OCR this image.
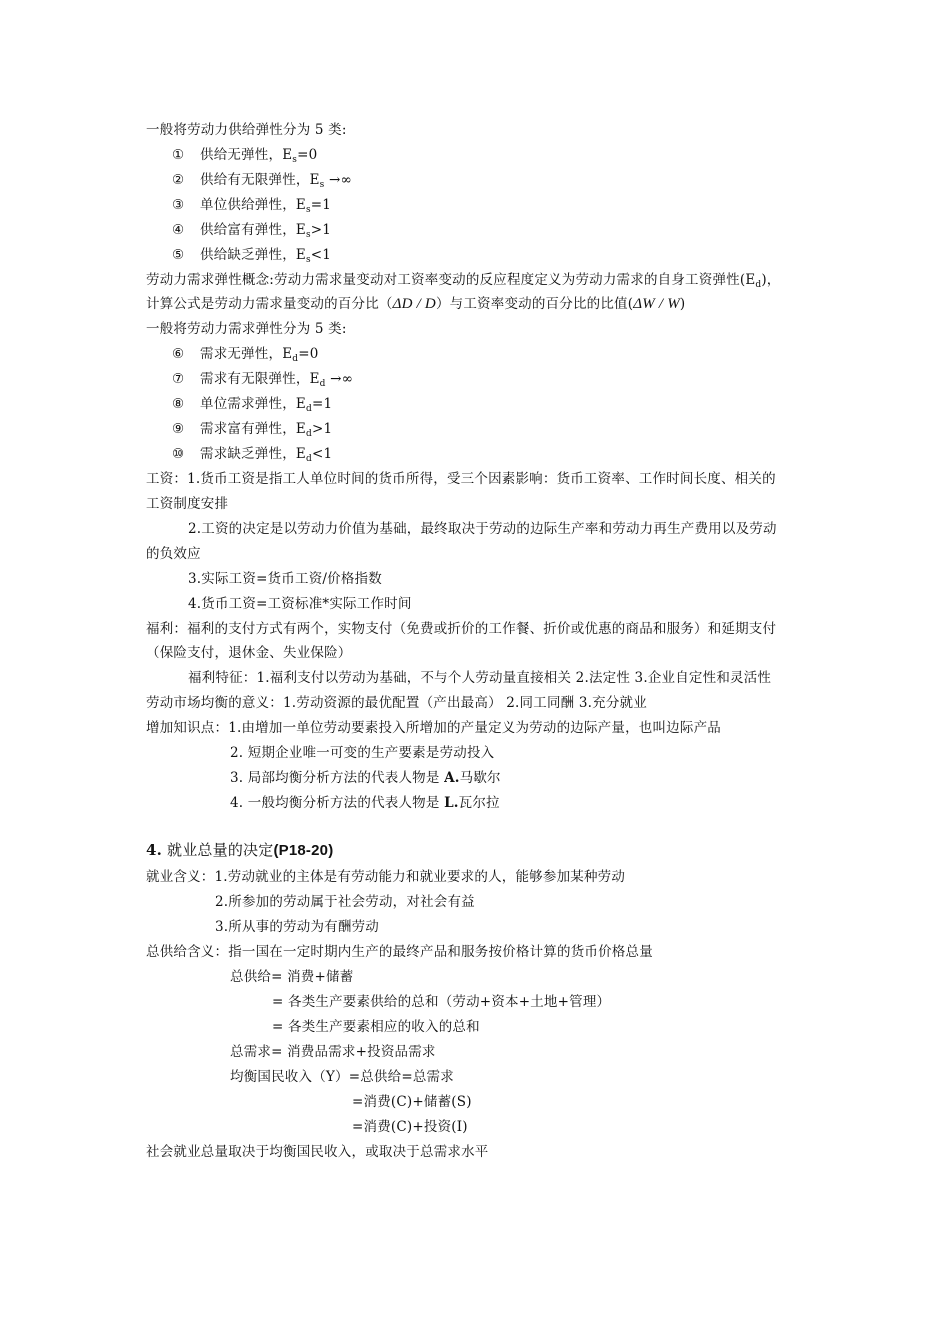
一般将劳动力供给弹性分为 5 类:
① 供给无弹性，$E_s=0$
② 供给有无限弹性，$E_s$ →∞
③ 单位供给弹性，$E_s=1$
④ 供给富有弹性，$E_s>1$
⑤ 供给缺乏弹性，$E_s<1$
劳动力需求弹性概念:劳动力需求量变动对工资率变动的反应程度定义为劳动力需求的自身工资弹性$(E_d)$，
计算公式是劳动力需求量变动的百分比（ΔD / D）与工资率变动的百分比的比值(ΔW / W)
一般将劳动力需求弹性分为 5 类:
⑥ 需求无弹性，$E_d=0$
⑦ 需求有无限弹性，$E_d$ →∞
⑧ 单位需求弹性，$E_d=1$
⑨ 需求富有弹性，$E_d>1$
⑩ 需求缺乏弹性，$E_d<1$
工资：1.货币工资是指工人单位时间的货币所得，受三个因素影响：货币工资率、工作时间长度、相关的
工资制度安排
2.工资的决定是以劳动力价值为基础，最终取决于劳动的边际生产率和劳动力再生产费用以及劳动
的负效应
3.实际工资=货币工资/价格指数
4.货币工资=工资标准*实际工作时间
福利：福利的支付方式有两个，实物支付（免费或折价的工作餐、折价或优惠的商品和服务）和延期支付
（保险支付，退休金、失业保险）
福利特征：1.福利支付以劳动为基础，不与个人劳动量直接相关 2.法定性 3.企业自定性和灵活性
劳动市场均衡的意义：1.劳动资源的最优配置（产出最高） 2.同工同酬 3.充分就业
增加知识点：1.由增加一单位劳动要素投入所增加的产量定义为劳动的边际产量，也叫边际产品
2. 短期企业唯一可变的生产要素是劳动投入
3. 局部均衡分析方法的代表人物是 A.马歇尔
4. 一般均衡分析方法的代表人物是 L.瓦尔拉
4. 就业总量的决定(P18-20)
就业含义：1.劳动就业的主体是有劳动能力和就业要求的人，能够参加某种劳动
2.所参加的劳动属于社会劳动，对社会有益
3.所从事的劳动为有酬劳动
总供给含义：指一国在一定时期内生产的最终产品和服务按价格计算的货币价格总量
总供给= 消费+储蓄
= 各类生产要素供给的总和（劳动+资本+土地+管理）
= 各类生产要素相应的收入的总和
总需求= 消费品需求+投资品需求
均衡国民收入（Y）=总供给=总需求
=消费(C)+储蓄(S)
=消费(C)+投资(I)
社会就业总量取决于均衡国民收入，或取决于总需求水平
